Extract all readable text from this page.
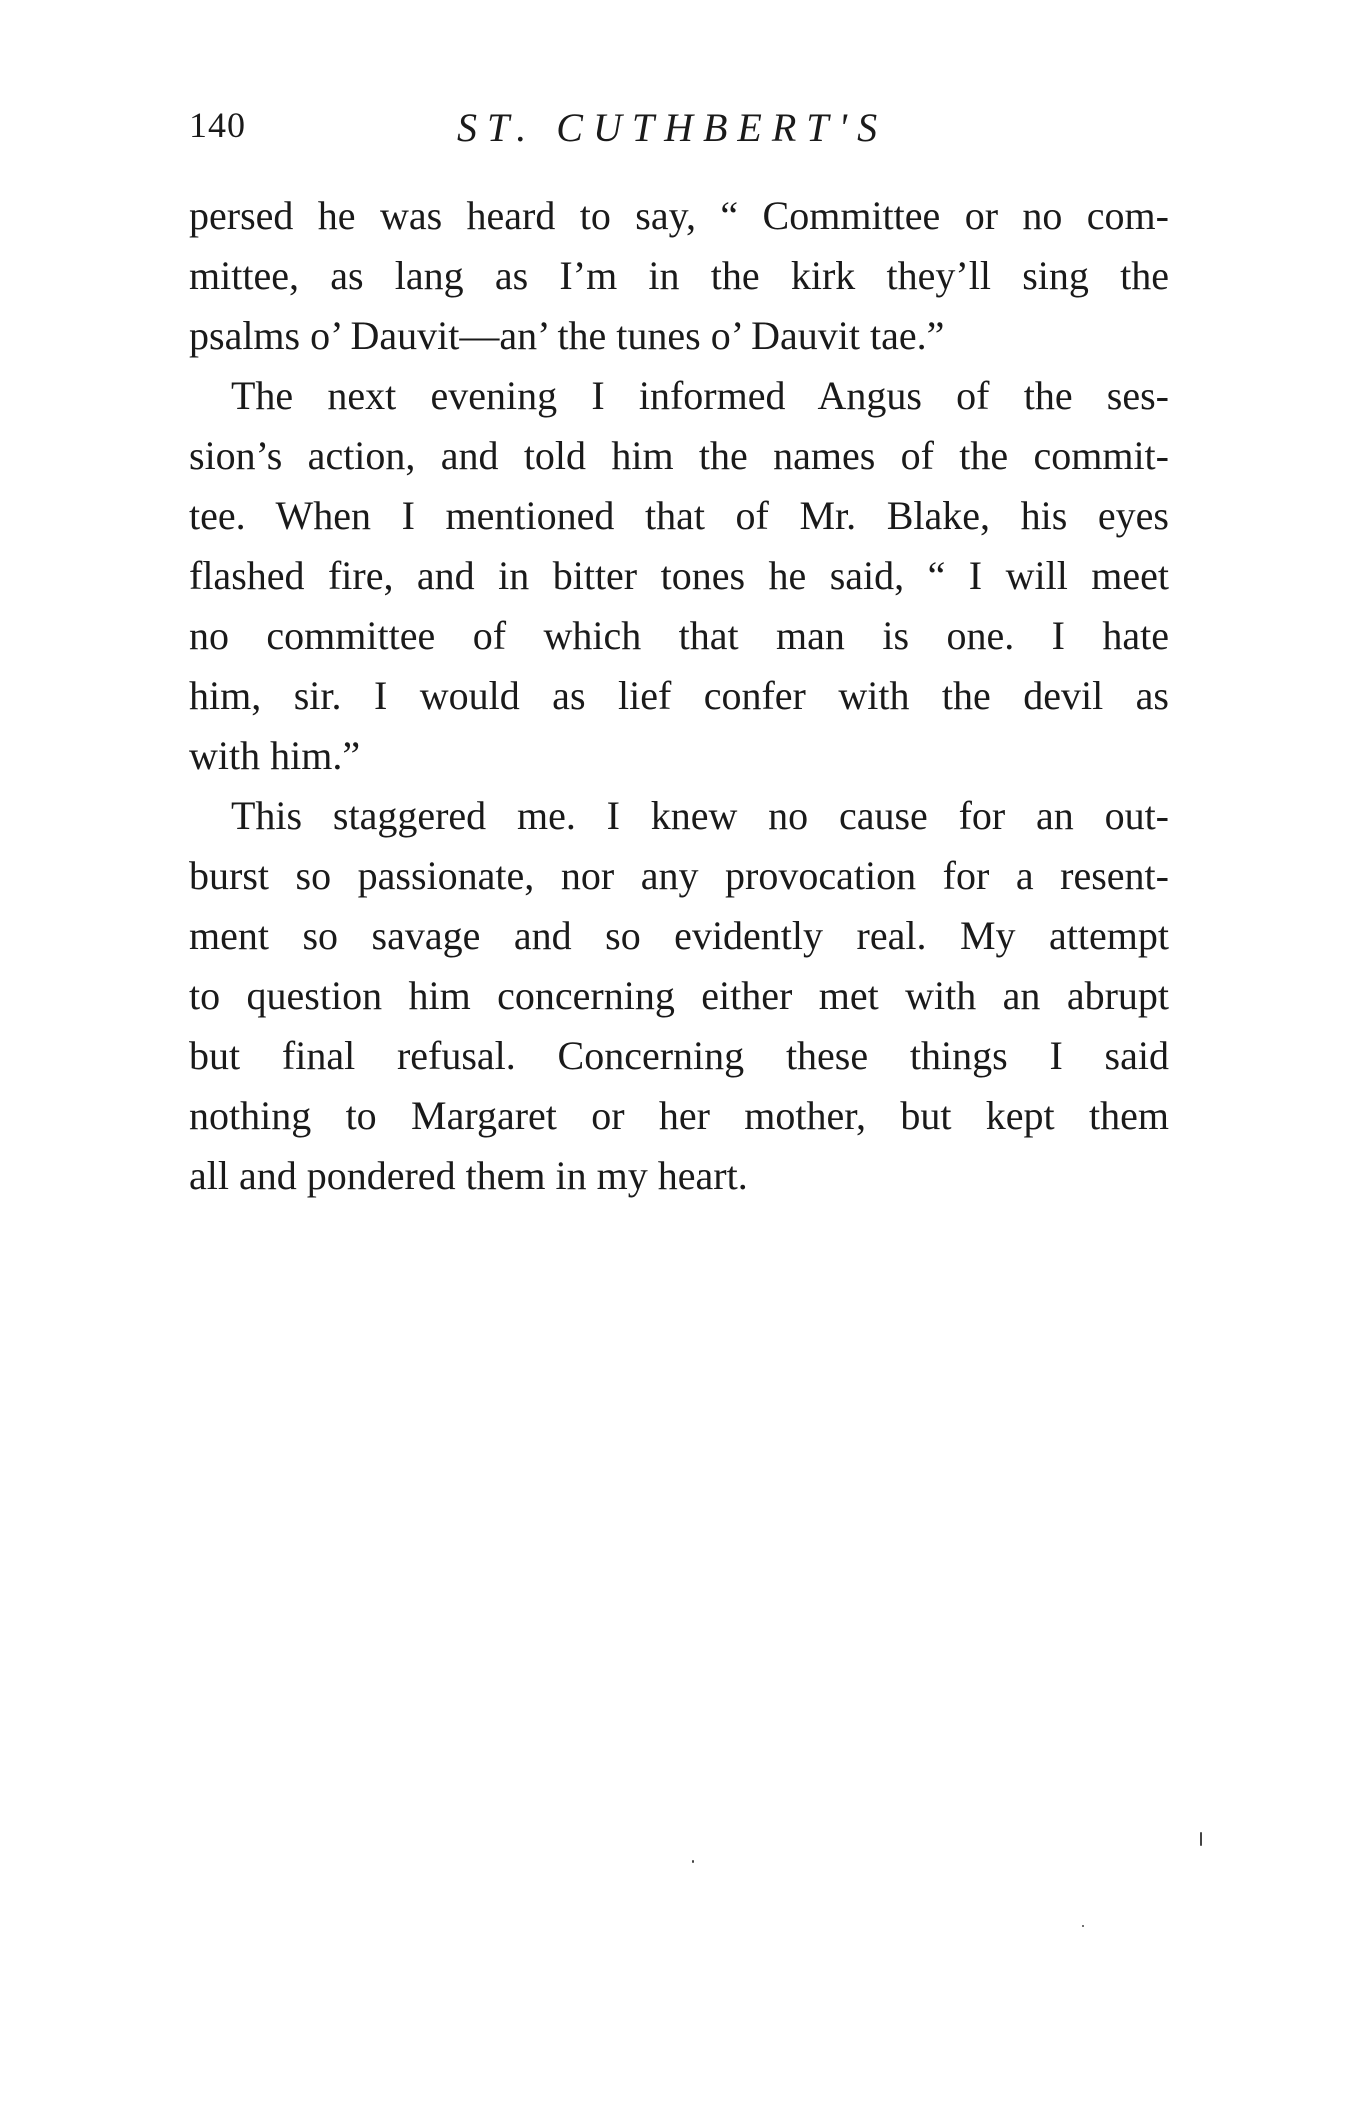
140	ST. CUTHBERT'S
persed he was heard to say, “ Committee or no com-
mittee, as lang as I’m in the kirk they’ll sing the
psalms o’ Dauvit—an’ the tunes o’ Dauvit tae.”
The next evening I informed Angus of the ses-
sion’s action, and told him the names of the commit-
tee. When I mentioned that of Mr. Blake, his eyes
flashed fire, and in bitter tones he said, “ I will meet
no committee of which that man is one. I hate
him, sir. I would as lief confer with the devil as
with him.”
This staggered me. I knew no cause for an out-
burst so passionate, nor any provocation for a resent-
ment so savage and so evidently real. My attempt
to question him concerning either met with an abrupt
but final refusal. Concerning these things I said
nothing to Margaret or her mother, but kept them
all and pondered them in my heart.
